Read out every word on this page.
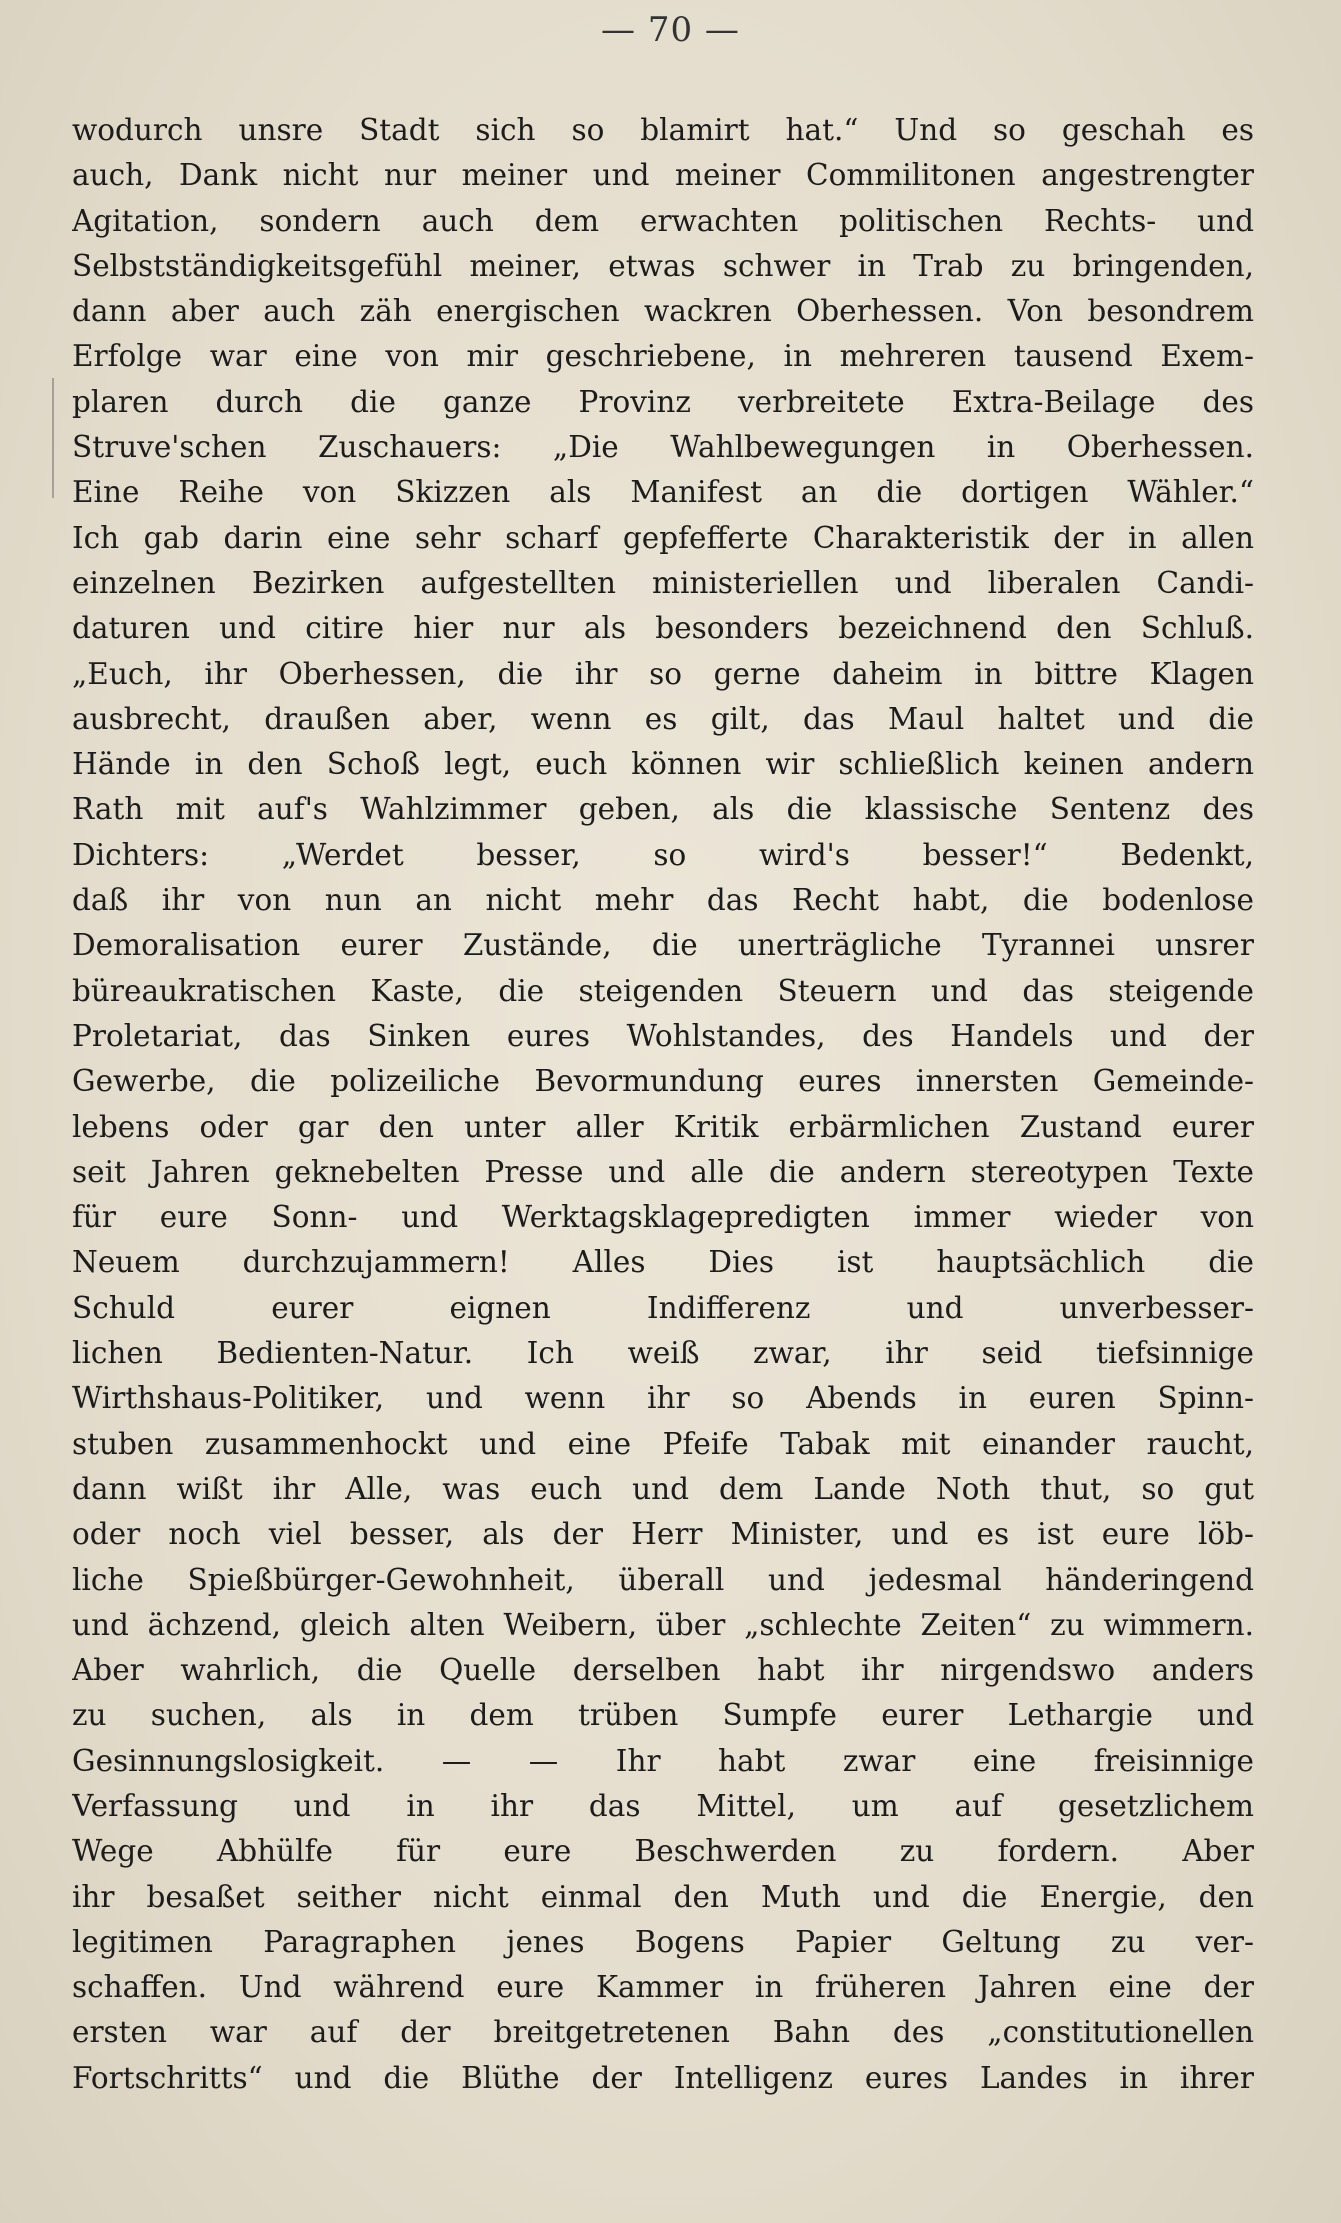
— 70 —
wodurch unsre Stadt sich so blamirt hat.“ Und so geschah es
auch, Dank nicht nur meiner und meiner Commilitonen angestrengter
Agitation, sondern auch dem erwachten politischen Rechts- und
Selbstständigkeitsgefühl meiner, etwas schwer in Trab zu bringenden,
dann aber auch zäh energischen wackren Oberhessen. Von besondrem
Erfolge war eine von mir geschriebene, in mehreren tausend Exem-
plaren durch die ganze Provinz verbreitete Extra-Beilage des
Struve'schen Zuschauers: „Die Wahlbewegungen in Oberhessen.
Eine Reihe von Skizzen als Manifest an die dortigen Wähler.“
Ich gab darin eine sehr scharf gepfefferte Charakteristik der in allen
einzelnen Bezirken aufgestellten ministeriellen und liberalen Candi-
daturen und citire hier nur als besonders bezeichnend den Schluß.
„Euch, ihr Oberhessen, die ihr so gerne daheim in bittre Klagen
ausbrecht, draußen aber, wenn es gilt, das Maul haltet und die
Hände in den Schoß legt, euch können wir schließlich keinen andern
Rath mit auf's Wahlzimmer geben, als die klassische Sentenz des
Dichters: „Werdet besser, so wird's besser!“ Bedenkt,
daß ihr von nun an nicht mehr das Recht habt, die bodenlose
Demoralisation eurer Zustände, die unerträgliche Tyrannei unsrer
büreaukratischen Kaste, die steigenden Steuern und das steigende
Proletariat, das Sinken eures Wohlstandes, des Handels und der
Gewerbe, die polizeiliche Bevormundung eures innersten Gemeinde-
lebens oder gar den unter aller Kritik erbärmlichen Zustand eurer
seit Jahren geknebelten Presse und alle die andern stereotypen Texte
für eure Sonn- und Werktagsklagepredigten immer wieder von
Neuem durchzujammern! Alles Dies ist hauptsächlich die
Schuld eurer eignen Indifferenz und unverbesser-
lichen Bedienten-Natur. Ich weiß zwar, ihr seid tiefsinnige
Wirthshaus-Politiker, und wenn ihr so Abends in euren Spinn-
stuben zusammenhockt und eine Pfeife Tabak mit einander raucht,
dann wißt ihr Alle, was euch und dem Lande Noth thut, so gut
oder noch viel besser, als der Herr Minister, und es ist eure löb-
liche Spießbürger-Gewohnheit, überall und jedesmal händeringend
und ächzend, gleich alten Weibern, über „schlechte Zeiten“ zu wimmern.
Aber wahrlich, die Quelle derselben habt ihr nirgendswo anders
zu suchen, als in dem trüben Sumpfe eurer Lethargie und
Gesinnungslosigkeit. — — Ihr habt zwar eine freisinnige
Verfassung und in ihr das Mittel, um auf gesetzlichem
Wege Abhülfe für eure Beschwerden zu fordern. Aber
ihr besaßet seither nicht einmal den Muth und die Energie, den
legitimen Paragraphen jenes Bogens Papier Geltung zu ver-
schaffen. Und während eure Kammer in früheren Jahren eine der
ersten war auf der breitgetretenen Bahn des „constitutionellen
Fortschritts“ und die Blüthe der Intelligenz eures Landes in ihrer
